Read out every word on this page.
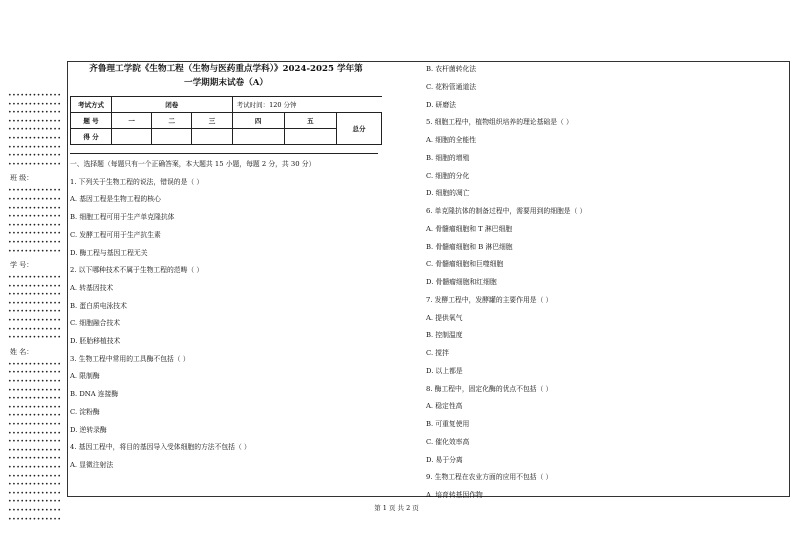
•••••••••••••
•••••••••••••
•••••••••••••
•••••••••••••
•••••••••••••
•••••••••••••
•••••••••••••
•••••••••••••
•••••••••••••
班 级：
•••••••••••••
•••••••••••••
•••••••••••••
•••••••••••••
•••••••••••••
•••••••••••••
•••••••••••••
•••••••••••••
学 号：
•••••••••••••
•••••••••••••
•••••••••••••
•••••••••••••
•••••••••••••
•••••••••••••
•••••••••••••
•••••••••••••
姓 名：
•••••••••••••
•••••••••••••
•••••••••••••
•••••••••••••
•••••••••••••
•••••••••••••
•••••••••••••
•••••••••••••
•••••••••••••
•••••••••••••
•••••••••••••
•••••••••••••
•••••••••••••
•••••••••••••
•••••••••••••
•••••••••••••
•••••••••••••
•••••••••••••
•••••••••••••
齐鲁理工学院《生物工程（生物与医药重点学科）》2024-2025 学年第
一学期期末试卷（A）
考试方式	闭卷			考试时间：120 分钟		
题 号	一	二	三	四	五	总分
得 分						
一、选择题（每题只有一个正确答案，本大题共 15 小题，每题 2 分，共 30 分）
1. 下列关于生物工程的说法，错误的是（ ）
A. 基因工程是生物工程的核心
B. 细胞工程可用于生产单克隆抗体
C. 发酵工程可用于生产抗生素
D. 酶工程与基因工程无关
2. 以下哪种技术不属于生物工程的范畴（ ）
A. 转基因技术
B. 蛋白质电泳技术
C. 细胞融合技术
D. 胚胎移植技术
3. 生物工程中常用的工具酶不包括（ ）
A. 限制酶
B. DNA 连接酶
C. 淀粉酶
D. 逆转录酶
4. 基因工程中，将目的基因导入受体细胞的方法不包括（ ）
A. 显微注射法
B. 农杆菌转化法
C. 花粉管通道法
D. 研磨法
5. 细胞工程中，植物组织培养的理论基础是（ ）
A. 细胞的全能性
B. 细胞的增殖
C. 细胞的分化
D. 细胞的凋亡
6. 单克隆抗体的制备过程中，需要用到的细胞是（ ）
A. 骨髓瘤细胞和 T 淋巴细胞
B. 骨髓瘤细胞和 B 淋巴细胞
C. 骨髓瘤细胞和巨噬细胞
D. 骨髓瘤细胞和红细胞
7. 发酵工程中，发酵罐的主要作用是（ ）
A. 提供氧气
B. 控制温度
C. 搅拌
D. 以上都是
8. 酶工程中，固定化酶的优点不包括（ ）
A. 稳定性高
B. 可重复使用
C. 催化效率高
D. 易于分离
9. 生物工程在农业方面的应用不包括（ ）
A. 培育转基因作物
第 1 页 共 2 页
